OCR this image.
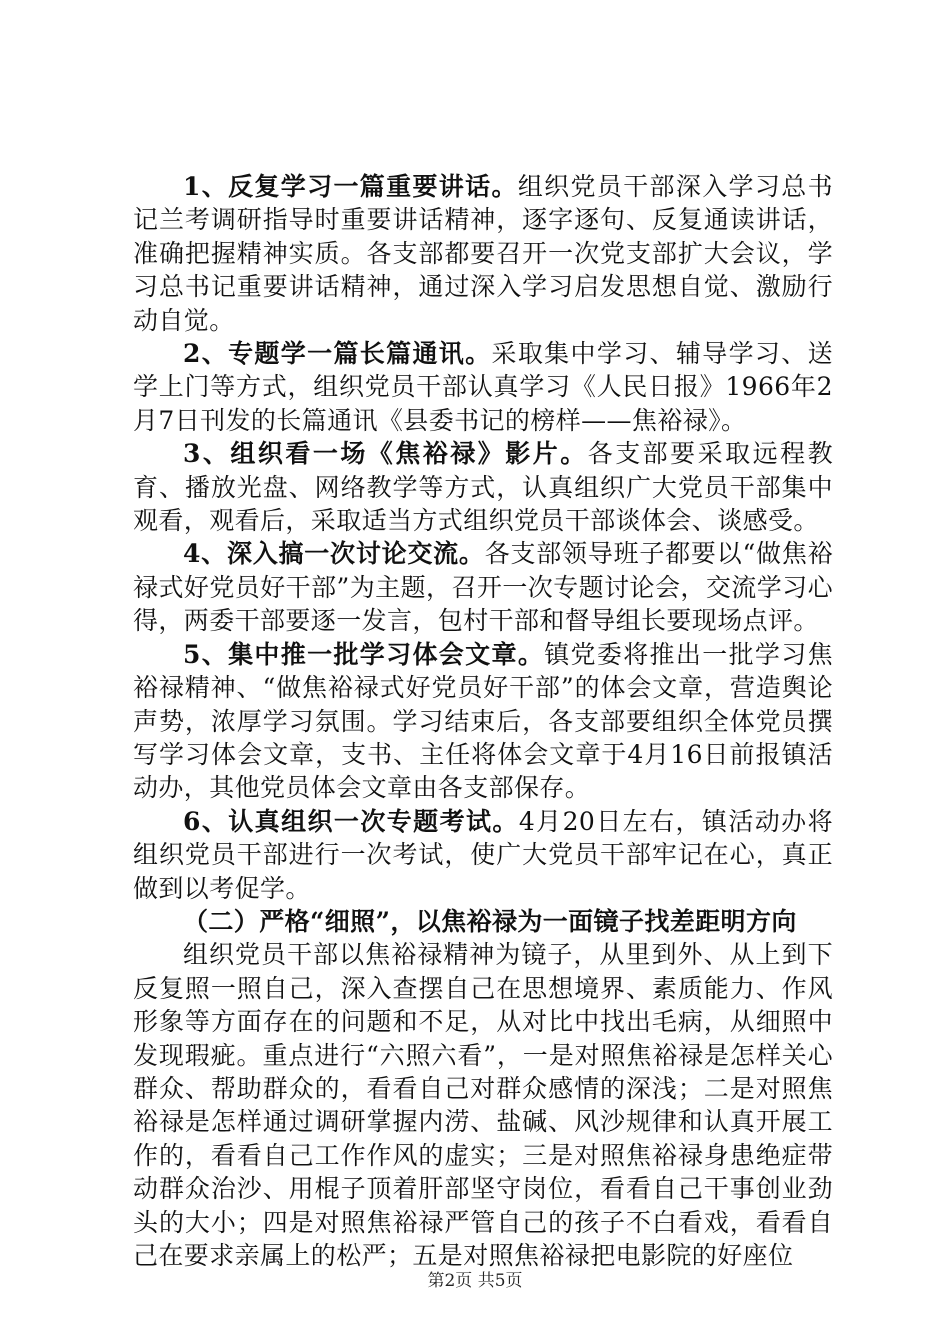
1、反复学习一篇重要讲话。组织党员干部深入学习总书记兰考调研指导时重要讲话精神，逐字逐句、反复通读讲话，准确把握精神实质。各支部都要召开一次党支部扩大会议，学习总书记重要讲话精神，通过深入学习启发思想自觉、激励行动自觉。

2、专题学一篇长篇通讯。采取集中学习、辅导学习、送学上门等方式，组织党员干部认真学习《人民日报》1966年2月7日刊发的长篇通讯《县委书记的榜样——焦裕禄》。

3、组织看一场《焦裕禄》影片。各支部要采取远程教育、播放光盘、网络教学等方式，认真组织广大党员干部集中观看，观看后，采取适当方式组织党员干部谈体会、谈感受。

4、深入搞一次讨论交流。各支部领导班子都要以“做焦裕禄式好党员好干部”为主题，召开一次专题讨论会，交流学习心得，两委干部要逐一发言，包村干部和督导组长要现场点评。

5、集中推一批学习体会文章。镇党委将推出一批学习焦裕禄精神、“做焦裕禄式好党员好干部”的体会文章，营造舆论声势，浓厚学习氛围。学习结束后，各支部要组织全体党员撰写学习体会文章，支书、主任将体会文章于4月16日前报镇活动办，其他党员体会文章由各支部保存。

6、认真组织一次专题考试。4月20日左右，镇活动办将组织党员干部进行一次考试，使广大党员干部牢记在心，真正做到以考促学。

（二）严格“细照”，以焦裕禄为一面镜子找差距明方向

组织党员干部以焦裕禄精神为镜子，从里到外、从上到下反复照一照自己，深入查摆自己在思想境界、素质能力、作风形象等方面存在的问题和不足，从对比中找出毛病，从细照中发现瑕疵。重点进行“六照六看”，一是对照焦裕禄是怎样关心群众、帮助群众的，看看自己对群众感情的深浅；二是对照焦裕禄是怎样通过调研掌握内涝、盐碱、风沙规律和认真开展工作的，看看自己工作作风的虚实；三是对照焦裕禄身患绝症带动群众治沙、用棍子顶着肝部坚守岗位，看看自己干事创业劲头的大小；四是对照焦裕禄严管自己的孩子不白看戏，看看自己在要求亲属上的松严；五是对照焦裕禄把电影院的好座位

第2页 共5页
